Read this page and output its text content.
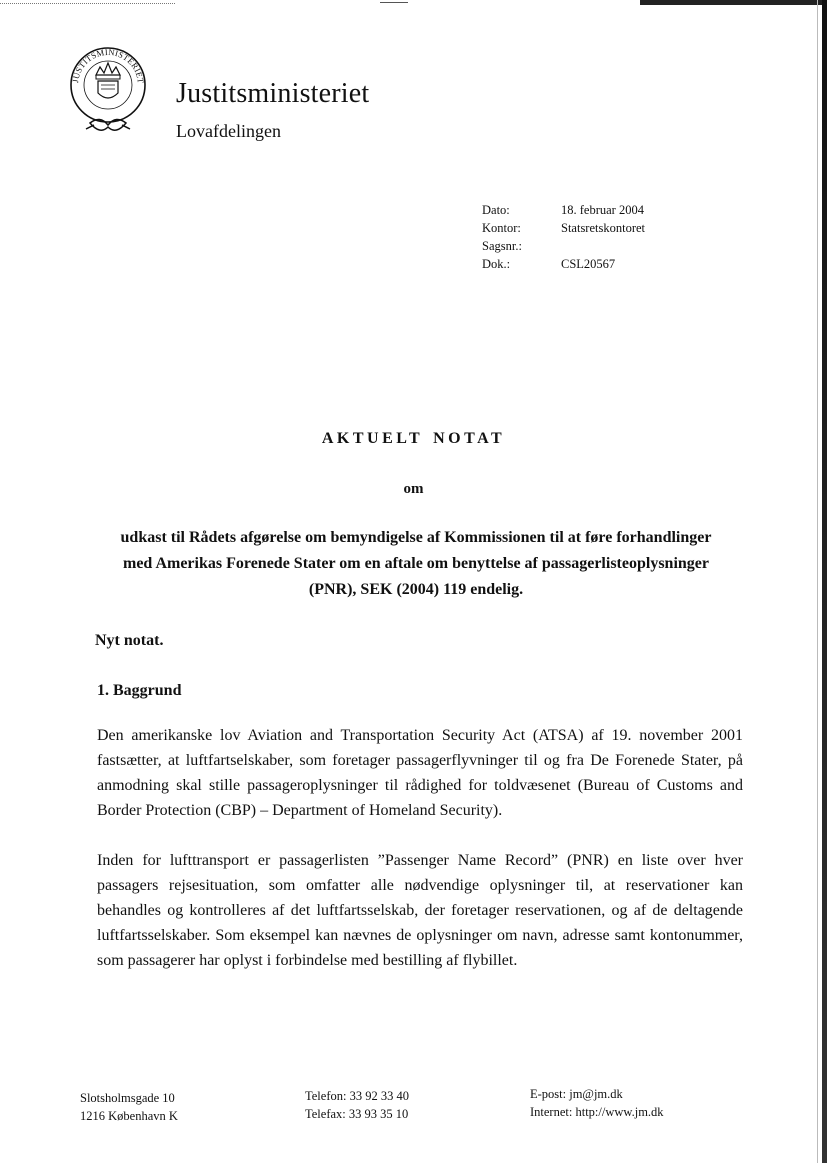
JUSTITSMINISTERIET Justitsministeriet
Lovafdelingen
Dato:	18. februar 2004
Kontor:	Statsretskontoret
Sagsnr.:
Dok.:	CSL20567
AKTUELT NOTAT
om
udkast til Rådets afgørelse om bemyndigelse af Kommissionen til at føre forhandlinger
med Amerikas Forenede Stater om en aftale om benyttelse af passagerlisteoplysninger
(PNR), SEK (2004) 119 endelig.
Nyt notat.
1. Baggrund
Den amerikanske lov Aviation and Transportation Security Act (ATSA) af 19. november 2001 fastsætter, at luftfartselskaber, som foretager passagerflyvninger til og fra De Forenede Stater, på anmodning skal stille passageroplysninger til rådighed for toldvæsenet (Bureau of Customs and Border Protection (CBP) – Department of Homeland Security).
Inden for lufttransport er passagerlisten ”Passenger Name Record” (PNR) en liste over hver passagers rejsesituation, som omfatter alle nødvendige oplysninger til, at reservationer kan behandles og kontrolleres af det luftfartsselskab, der foretager reservationen, og af de deltagende luftfartsselskaber. Som eksempel kan nævnes de oplysninger om navn, adresse samt kontonummer, som passagerer har oplyst i forbindelse med bestilling af flybillet.
Slotsholmsgade 10
1216 København K
Telefon: 33 92 33 40
Telefax: 33 93 35 10
E-post: jm@jm.dk
Internet: http://www.jm.dk
